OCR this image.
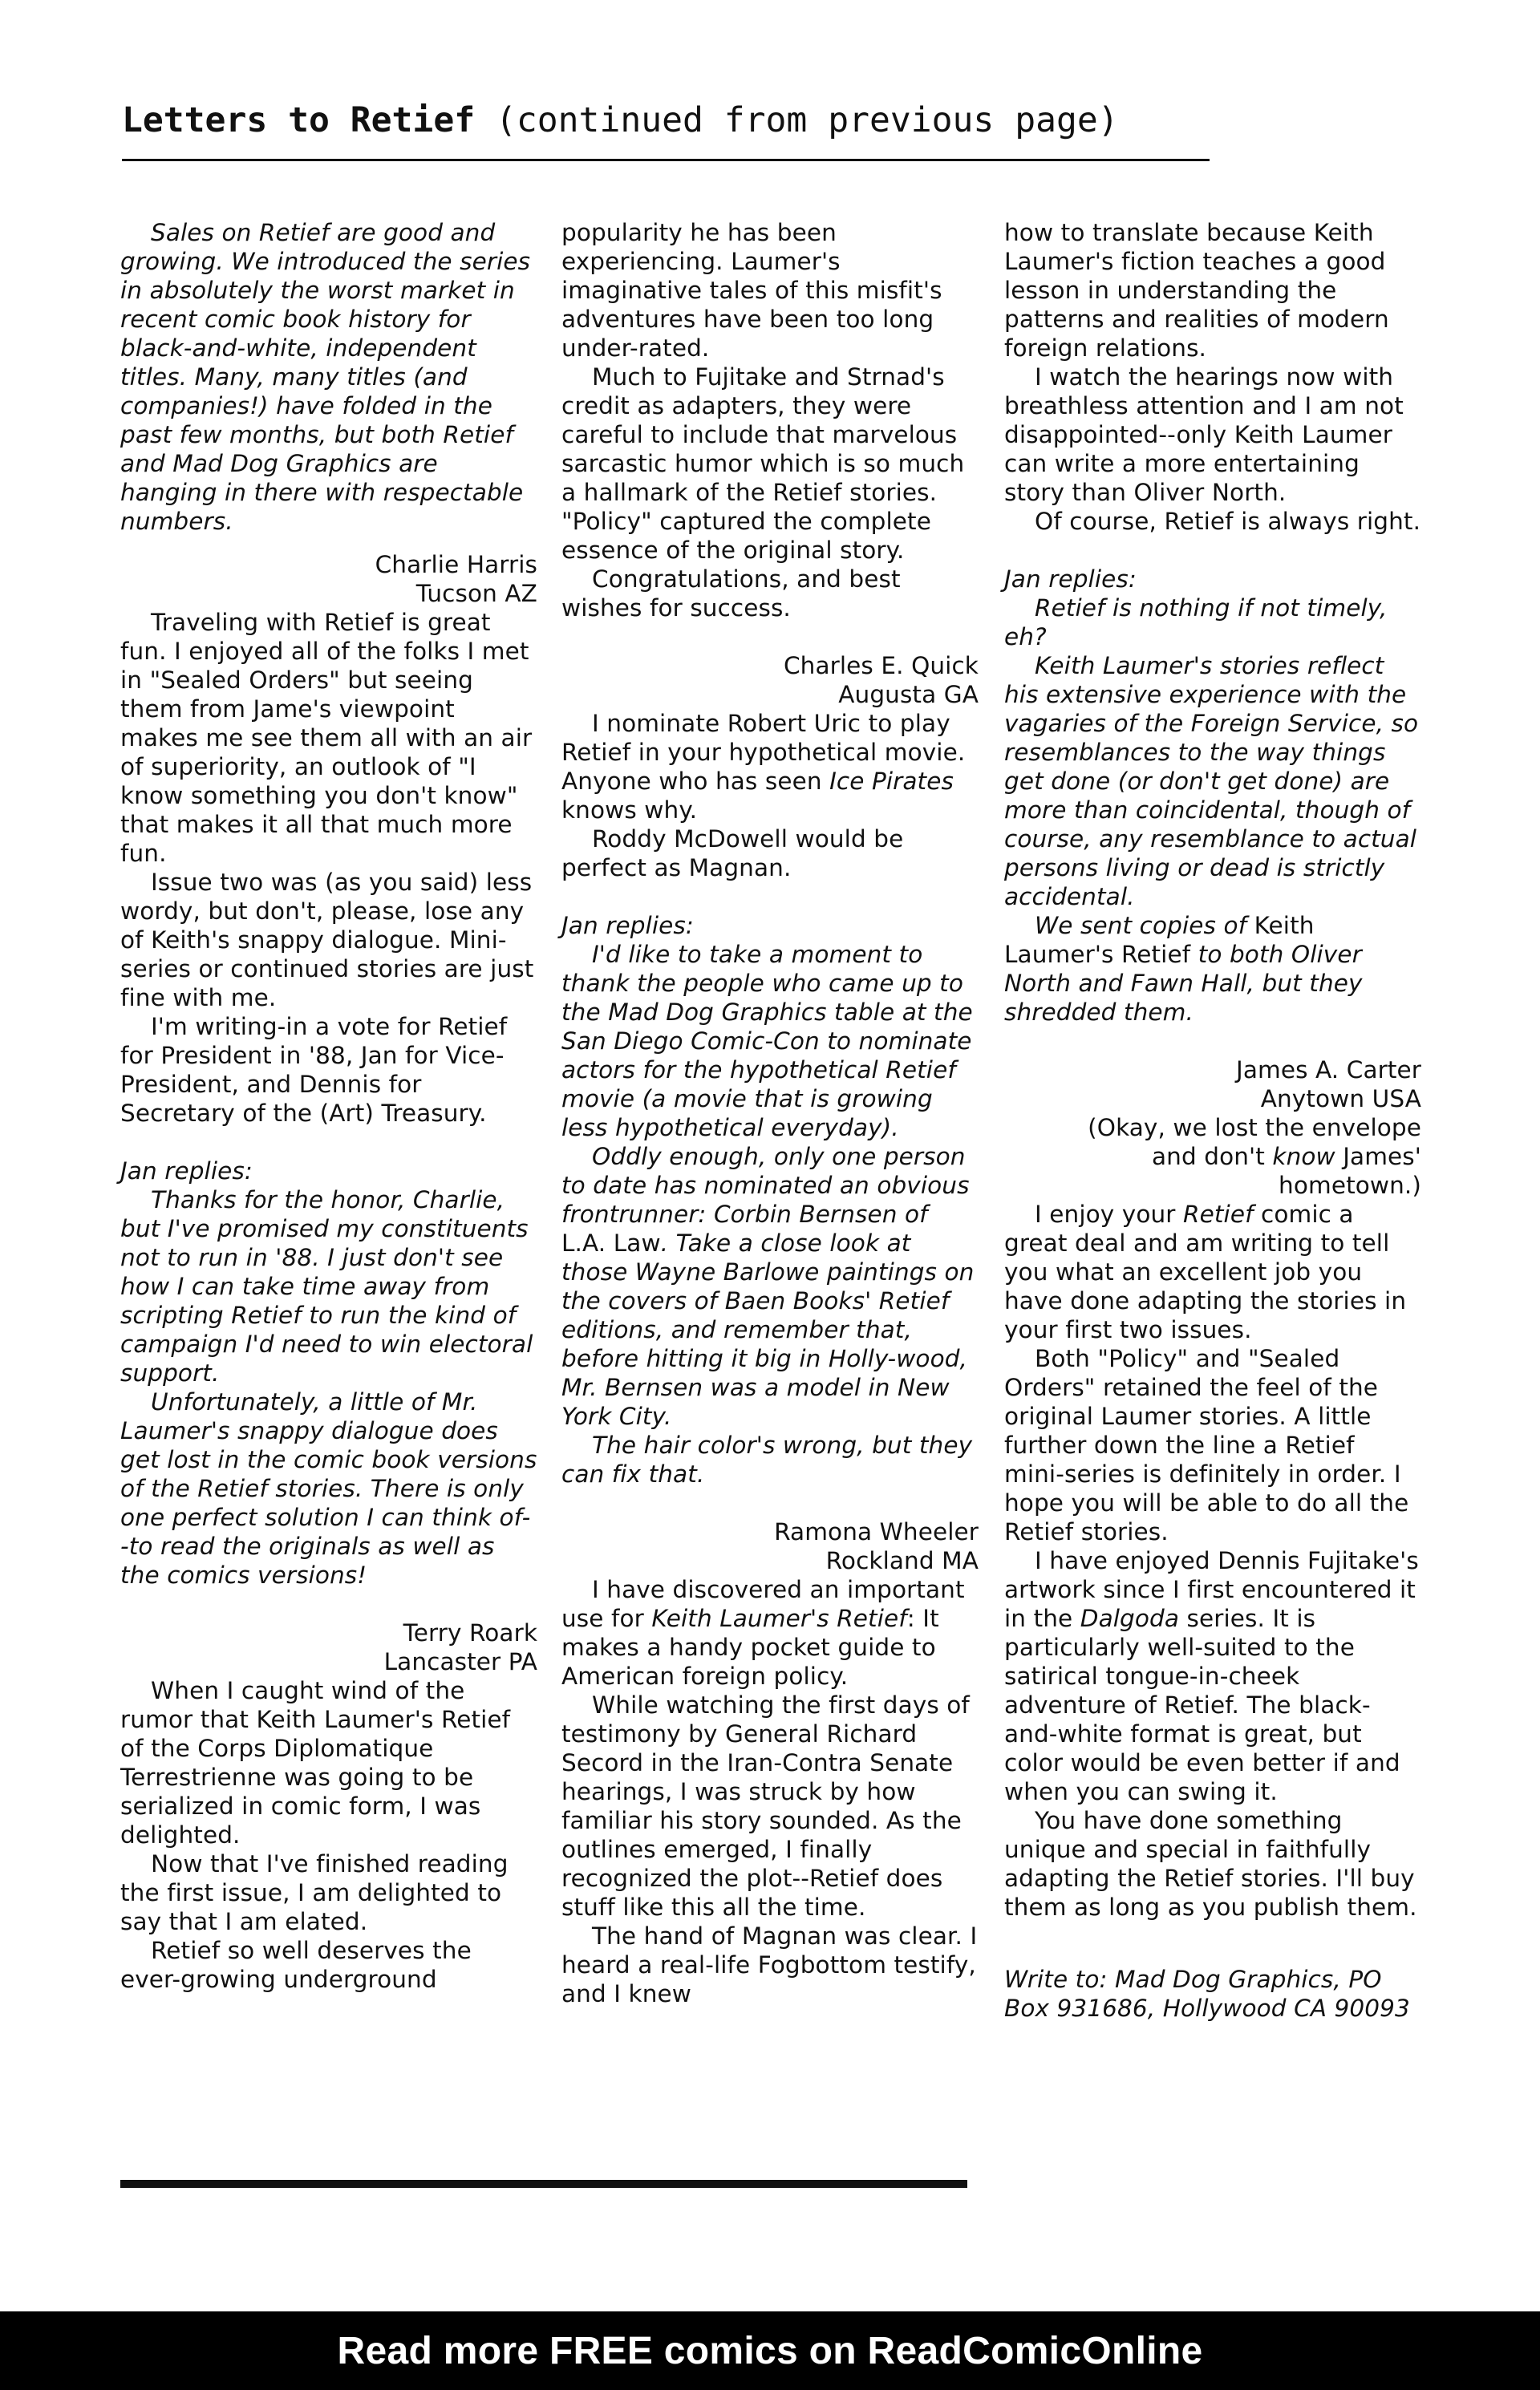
Letters to Retief (continued from previous page)

Sales on Retief are good and growing. We introduced the series in absolutely the worst market in recent comic book history for black-and-white, independent titles. Many, many titles (and companies!) have folded in the past few months, but both Retief and Mad Dog Graphics are hanging in there with respectable numbers.

Charlie Harris
Tucson AZ

Traveling with Retief is great fun. I enjoyed all of the folks I met in "Sealed Orders" but seeing them from Jame's viewpoint makes me see them all with an air of superiority, an outlook of "I know something you don't know" that makes it all that much more fun.

Issue two was (as you said) less wordy, but don't, please, lose any of Keith's snappy dialogue. Mini-series or continued stories are just fine with me.

I'm writing-in a vote for Retief for President in '88, Jan for Vice-President, and Dennis for Secretary of the (Art) Treasury.

Jan replies:

Thanks for the honor, Charlie, but I've promised my constituents not to run in '88. I just don't see how I can take time away from scripting Retief to run the kind of campaign I'd need to win electoral support.

Unfortunately, a little of Mr. Laumer's snappy dialogue does get lost in the comic book versions of the Retief stories. There is only one perfect solution I can think of--to read the originals as well as the comics versions!

Terry Roark
Lancaster PA

When I caught wind of the rumor that Keith Laumer's Retief of the Corps Diplomatique Terrestrienne was going to be serialized in comic form, I was delighted.

Now that I've finished reading the first issue, I am delighted to say that I am elated.

Retief so well deserves the ever-growing underground

popularity he has been experiencing. Laumer's imaginative tales of this misfit's adventures have been too long under-rated.

Much to Fujitake and Strnad's credit as adapters, they were careful to include that marvelous sarcastic humor which is so much a hallmark of the Retief stories. "Policy" captured the complete essence of the original story.

Congratulations, and best wishes for success.

Charles E. Quick
Augusta GA

I nominate Robert Uric to play Retief in your hypothetical movie. Anyone who has seen Ice Pirates knows why.

Roddy McDowell would be perfect as Magnan.

Jan replies:

I'd like to take a moment to thank the people who came up to the Mad Dog Graphics table at the San Diego Comic-Con to nominate actors for the hypothetical Retief movie (a movie that is growing less hypothetical everyday).

Oddly enough, only one person to date has nominated an obvious frontrunner: Corbin Bernsen of L.A. Law. Take a close look at those Wayne Barlowe paintings on the covers of Baen Books' Retief editions, and remember that, before hitting it big in Holly-wood, Mr. Bernsen was a model in New York City.

The hair color's wrong, but they can fix that.

Ramona Wheeler
Rockland MA

I have discovered an important use for Keith Laumer's Retief: It makes a handy pocket guide to American foreign policy.

While watching the first days of testimony by General Richard Secord in the Iran-Contra Senate hearings, I was struck by how familiar his story sounded. As the outlines emerged, I finally recognized the plot--Retief does stuff like this all the time.

The hand of Magnan was clear. I heard a real-life Fogbottom testify, and I knew

how to translate because Keith Laumer's fiction teaches a good lesson in understanding the patterns and realities of modern foreign relations.

I watch the hearings now with breathless attention and I am not disappointed--only Keith Laumer can write a more entertaining story than Oliver North.

Of course, Retief is always right.

Jan replies:

Retief is nothing if not timely, eh?

Keith Laumer's stories reflect his extensive experience with the vagaries of the Foreign Service, so resemblances to the way things get done (or don't get done) are more than coincidental, though of course, any resemblance to actual persons living or dead is strictly accidental.

We sent copies of Keith Laumer's Retief to both Oliver North and Fawn Hall, but they shredded them.

James A. Carter
Anytown USA
(Okay, we lost the envelope and don't know James' hometown.)

I enjoy your Retief comic a great deal and am writing to tell you what an excellent job you have done adapting the stories in your first two issues.

Both "Policy" and "Sealed Orders" retained the feel of the original Laumer stories. A little further down the line a Retief mini-series is definitely in order. I hope you will be able to do all the Retief stories.

I have enjoyed Dennis Fujitake's artwork since I first encountered it in the Dalgoda series. It is particularly well-suited to the satirical tongue-in-cheek adventure of Retief. The black-and-white format is great, but color would be even better if and when you can swing it.

You have done something unique and special in faithfully adapting the Retief stories. I'll buy them as long as you publish them.

Write to: Mad Dog Graphics, PO Box 931686, Hollywood CA 90093

Read more FREE comics on ReadComicOnline
